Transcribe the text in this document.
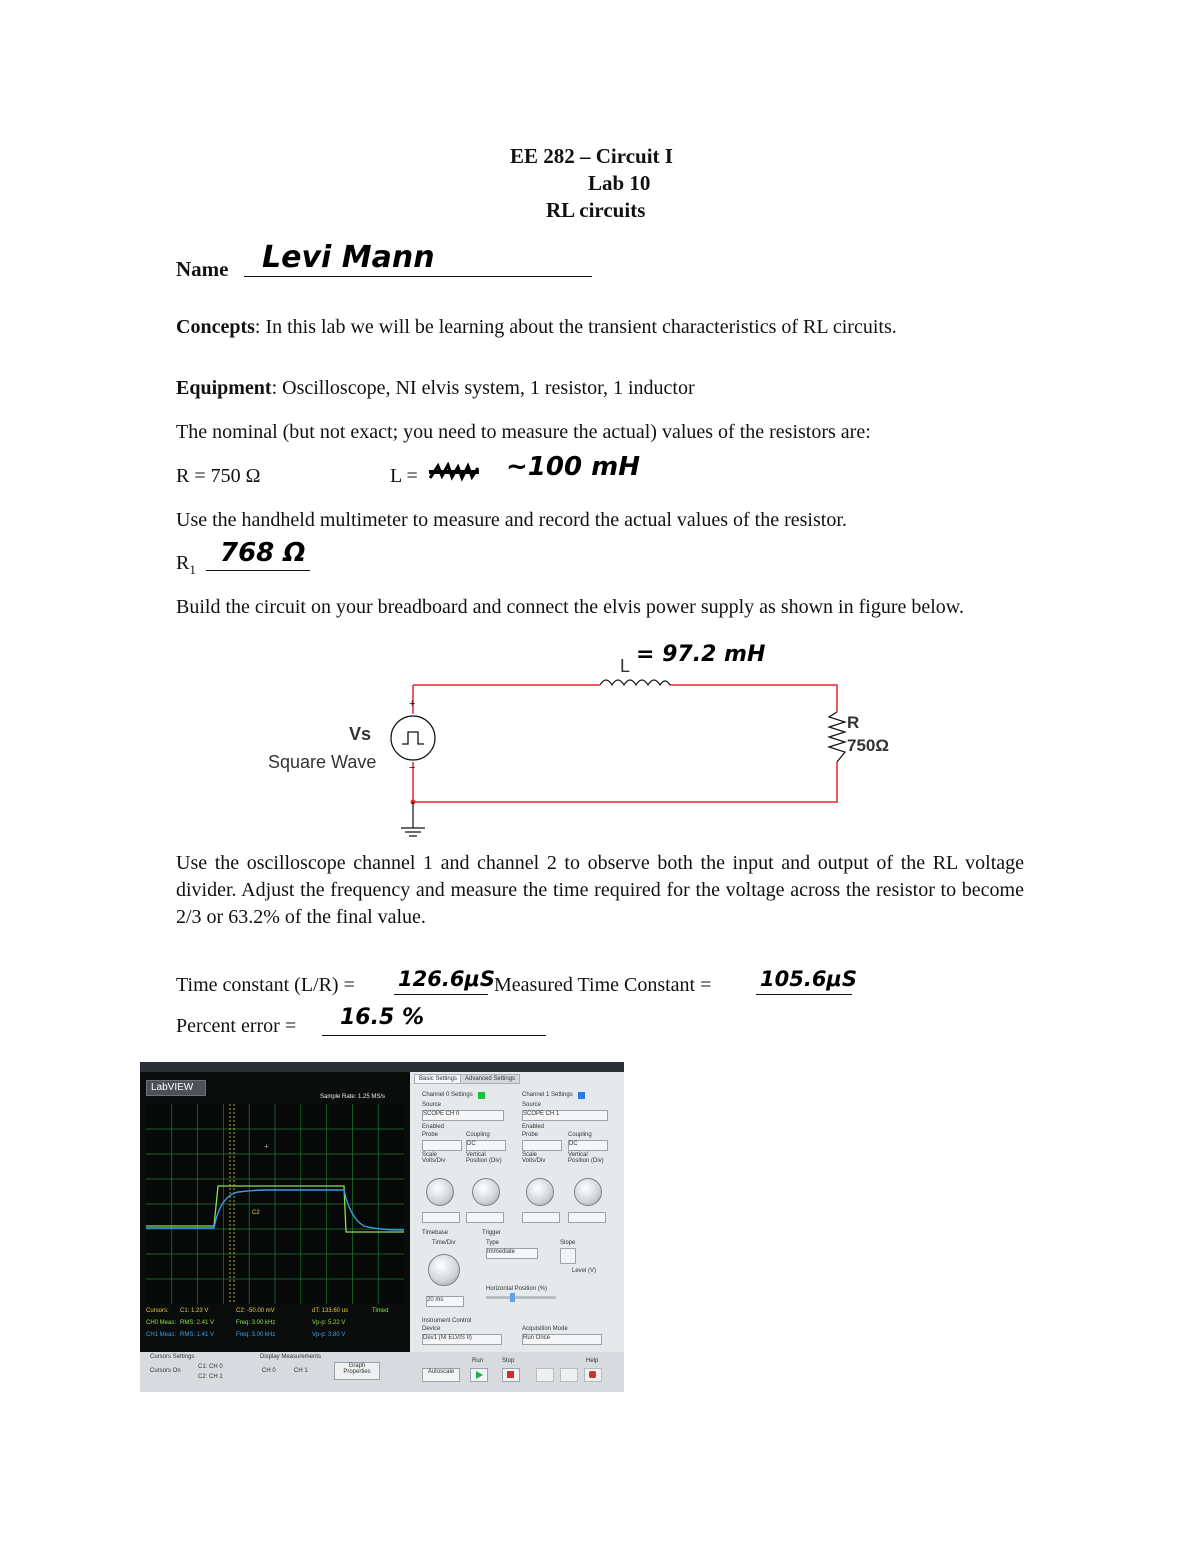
EE 282 – Circuit I
Lab 10
RL circuits
Name Levi Mann
Concepts: In this lab we will be learning about the transient characteristics of RL circuits.
Equipment: Oscilloscope, NI elvis system, 1 resistor, 1 inductor
The nominal (but not exact; you need to measure the actual) values of the resistors are:
R = 750 Ω	L =	~100 mH
Use the handheld multimeter to measure and record the actual values of the resistor.
$R_1$
768 Ω
Build the circuit on your breadboard and connect the elvis power supply as shown in figure below.
+
−
Vs
Square Wave
L = 97.2 mH
R
750Ω
Use the oscilloscope channel 1 and channel 2 to observe both the input and output of the RL voltage divider. Adjust the frequency and measure the time required for the voltage across the resistor to become 2/3 or 63.2% of the final value.
Time constant (L/R) = 126.6μS
Measured Time Constant = 105.6μS
Percent error = 16.5 %
LabVIEW
Sample Rate: 1.25 MS/s
+
C2
Cursors: C1: 1.23 V	C2: -50.00 mV	dT: 133.60 us	Timed
CH0 Meas: RMS: 2.41 V	Freq: 3.00 kHz	Vp-p: 5.22 V
CH1 Meas: RMS: 1.41 V	Freq: 3.00 kHz	Vp-p: 3.80 V
Basic Settings	Advanced Settings
Channel 0 Settings
Source
SCOPE CH 0
Enabled
Probe	Coupling
DC
Scale Volts/Div
Vertical Position (Div)
Channel 1 Settings
Source
SCOPE CH 1
Enabled
Probe	Coupling
DC
Scale Volts/Div
Vertical Position (Div)
Timebase
Time/Div
20 ms
Trigger
Type
Immediate
Slope
Level (V)
Horizontal Position (%)
Instrument Control
Device
Dev1 (NI ELVIS II)
Acquisition Mode
Run Once
Cursors Settings
Cursors On
C1: CH 0
C2: CH 1
Display Measurements
CH 0	CH 1
Graph Properties
Run	Stop	Help
Autoscale
